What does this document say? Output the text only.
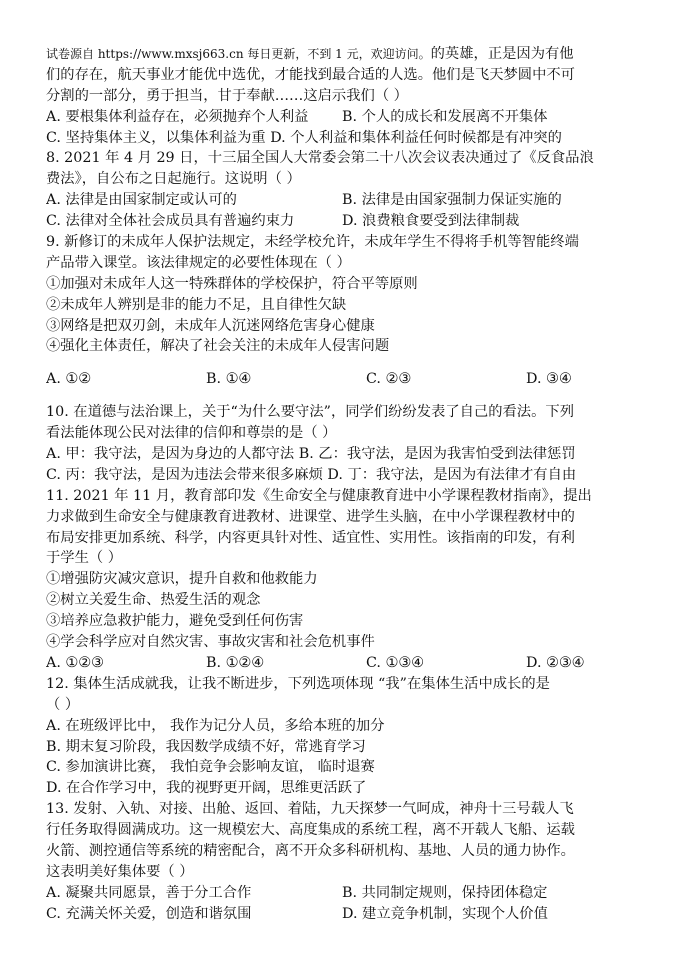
试卷源自 https://www.mxsj663.cn 每日更新，不到 1 元，欢迎访问。的英雄，正是因为有他
们的存在，航天事业才能优中选优，才能找到最合适的人选。他们是飞天梦圆中不可
分割的一部分，勇于担当，甘于奉献……这启示我们（ ）
A. 要根集体利益存在，必须抛弃个人利益	B. 个人的成长和发展离不开集体
C. 坚持集体主义，以集体利益为重 D. 个人利益和集体利益任何时候都是有冲突的
8. 2021 年 4 月 29 日，十三届全国人大常委会第二十八次会议表决通过了《反食品浪
费法》，自公布之日起施行。这说明（ ）
A. 法律是由国家制定或认可的	B. 法律是由国家强制力保证实施的
C. 法律对全体社会成员具有普遍约束力	D. 浪费粮食要受到法律制裁
9. 新修订的未成年人保护法规定，未经学校允许，未成年学生不得将手机等智能终端
产品带入课堂。该法律规定的必要性体现在（ ）
①加强对未成年人这一特殊群体的学校保护，符合平等原则
②未成年人辨别是非的能力不足，且自律性欠缺
③网络是把双刃剑，未成年人沉迷网络危害身心健康
④强化主体责任，解决了社会关注的未成年人侵害问题
A. ①②	B. ①④	C. ②③	D. ③④
10. 在道德与法治课上，关于“为什么要守法”，同学们纷纷发表了自己的看法。下列
看法能体现公民对法律的信仰和尊崇的是（ ）
A. 甲：我守法，是因为身边的人都守法 B. 乙：我守法，是因为我害怕受到法律惩罚
C. 丙：我守法，是因为违法会带来很多麻烦 D. 丁：我守法，是因为有法律才有自由
11. 2021 年 11 月，教育部印发《生命安全与健康教育进中小学课程教材指南》，提出
力求做到生命安全与健康教育进教材、进课堂、进学生头脑，在中小学课程教材中的
布局安排更加系统、科学，内容更具针对性、适宜性、实用性。该指南的印发，有利
于学生（ ）
①增强防灾减灾意识，提升自救和他救能力
②树立关爱生命、热爱生活的观念
③培养应急救护能力，避免受到任何伤害
④学会科学应对自然灾害、事故灾害和社会危机事件
A. ①②③	B. ①②④	C. ①③④	D. ②③④
12. 集体生活成就我，让我不断进步，下列选项体现 “我”在集体生活中成长的是
（ ）
A. 在班级评比中， 我作为记分人员，多给本班的加分
B. 期末复习阶段，我因数学成绩不好，常逃育学习
C. 参加演讲比赛， 我怕竞争会影响友谊， 临时退赛
D. 在合作学习中，我的视野更开阔，思维更活跃了
13. 发射、入轨、对接、出舱、返回、着陆，九天探梦一气呵成，神舟十三号载人飞
行任务取得圆满成功。这一规模宏大、高度集成的系统工程，离不开载人飞船、运载
火箭、测控通信等系统的精密配合，离不开众多科研机构、基地、人员的通力协作。
这表明美好集体要（ ）
A. 凝聚共同愿景，善于分工合作	B. 共同制定规则，保持团体稳定
C. 充满关怀关爱，创造和谐氛围	D. 建立竞争机制，实现个人价值
